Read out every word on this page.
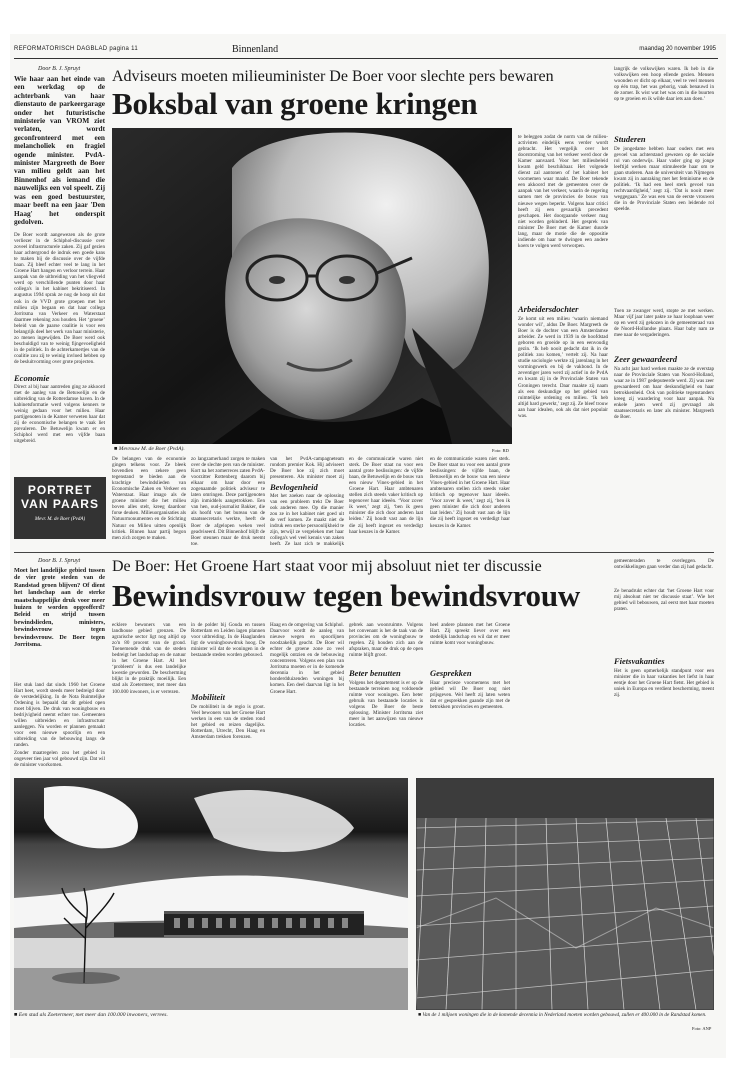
REFORMATORISCH DAGBLAD pagina 11	Binnenland	maandag 20 november 1995
Door B. J. Spruyt
Wie haar aan het einde van een werkdag op de achterbank van haar dienstauto de parkeergarage onder het futuristische ministerie van VROM ziet verlaten, wordt geconfronteerd met een melancholiek en fragiel ogende minister. PvdA-minister Margreeth de Boer van milieu geldt aan het Binnenhof als iemand die nauwelijks een vol speelt. Zij was een goed bestuurster, maar beeft na een jaar 'Den Haag' het onderspit gedolven.
De Boer wordt aangewezen als de grote verliezer in de Schiphol-discussie over zoveel infrastructurele zaken. Zij gaf gezien haar achtergrond de indruk een goede kans te maken bij de discussie over de vijfde baan. Zij bleef echter veel te lang in het Groene Hart hangen en verloor terrein. Haar aanpak van de uitbreiding van het vliegveld werd op verschillende punten door haar collega's in het kabinet bekritiseerd. In augustus 1994 sprak ze nog de hoop uit dat ook in de VVD grote groepen met het milieu zijn begaan en dat haar collega Jorritsma van Verkeer en Waterstaat daarmee rekening zou houden. Het ‘groene’ beleid van de paarse coalitie is voor een belangrijk deel het werk van haar ministerie, zo menen ingewijden. De Boer werd ook beschuldigd van te weinig fijngevoeligheid in de politiek. In de achterkamertjes van de coalitie zou zij te weinig invloed hebben op de besluitvorming over grote projecten.
Economie
Direct al bij haar aantreden ging ze akkoord met de aanleg van de Betuwelijn en de uitbreiding van de Rotterdamse haven. In de kabinetsformatie werd volgens kenners te weinig gedaan voor het milieu. Haar partijgenoten in de Kamer verweten haar dat zij de economische belangen te vaak liet prevaleren. De Betuwelijn kwam er en Schiphol werd met een vijfde baan uitgebreid.
Adviseurs moeten milieuminister De Boer voor slechte pers bewaren
Boksbal van groene kringen
■ Mevrouw M. de Boer (PvdA).	Foto: RD
De belangen van de economie gingen telkens voor. Ze bleek bovendien een zekere geen tegenstand te bieden aan de krachtige bewindslieden van Economische Zaken en Verkeer en Waterstaat. Haar imago als de groene minister die het milieu boven alles stelt, kreeg daardoor forse deuken. Milieuorganisaties als Natuurmonumenten en de Stichting Natuur en Milieu uitten openlijk kritiek. Binnen haar partij begon men zich zorgen te maken.
zo langzamerhand zorgen te maken over de slechte pers van de minister. Kort na het zomerreces zaten PvdA-voorzitter Rottenberg daarom bij elkaar om haar door een zogenaamde politiek adviseur te laten omringen. Deze partijgenoten zijn inmiddels aangetrokken. Een van hen, oud-journalist Bakker, die als hoofd van het bureau van de staatssecretaris werkte, heeft de Boer de afgelopen weken veel geadviseerd. Dit Binnenhof blijft de Boer steunen maar de druk neemt toe.
van het PvdA-campagneteam rondom premier Kok. Hij adviseert De Boer hoe zij zich moet presenteren. Als minister moet zij
Bevlogenheid
Met het zoeken naar de oplossing van een probleem trekt De Boer ook anderen mee. Op die manier zou ze in het kabinet niet goed uit de verf komen. Ze maakt niet de indruk een sterke persoonlijkheid te zijn, terwijl ze vergeleken met haar collega's wel veel kennis van zaken heeft. Ze laat zich te makkelijk
en de communicatie waren niet sterk. De Boer staat nu voor een aantal grote beslissingen: de vijfde baan, de Betuwelijn en de bouw van een nieuw Vinex-gebied in het Groene Hart. Haar ambtenaren stellen zich steeds vaker kritisch op tegenover haar ideeën. ‘Voor zover ik weet,’ zegt zij, ‘ben ik geen minister die zich door anderen laat leiden.’ Zij houdt vast aan de lijn die zij heeft ingezet en verdedigt haar keuzes in de Kamer.
en de communicatie waren niet sterk. De Boer staat nu voor een aantal grote beslissingen: de vijfde baan, de Betuwelijn en de bouw van een nieuw Vinex-gebied in het Groene Hart. Haar ambtenaren stellen zich steeds vaker kritisch op tegenover haar ideeën. ‘Voor zover ik weet,’ zegt zij, ‘ben ik geen minister die zich door anderen laat leiden.’ Zij houdt vast aan de lijn die zij heeft ingezet en verdedigt haar keuzes in de Kamer.
te beleggen zodat de norm van de milieu-activisten eindelijk eens verder wordt gebracht. Het vergelijk over het doorstroming van het verkeer werd door de Kamer aanvaard. Voor het milieubeleid kwam geld beschikbaar. Het volgende dienst zal aantonen of het kabinet het voornemen waar maakt. De Boer tekende een akkoord met de gemeenten over de aanpak van het verkeer, waarin de regering samen met de provincies de bouw van nieuwe wegen beperkt. Volgens haar critici heeft zij een gevaarlijk precedent geschapen. Het doorgaande verkeer mag niet worden gehinderd. Het gesprek van minister De Boer met de Kamer duurde lang, maar de motie die de oppositie indiende om haar te dwingen een andere koers te volgen werd verworpen.
Arbeidersdochter
Ze komt uit een milieu ‘waarin niemand wonder wil’, aldus De Boer. Margreeth de Boer is de dochter van een Amsterdamse arbeider. Ze werd in 1939 in de hoofdstad geboren en groeide op in een eenvoudig gezin. ‘Ik heb nooit gedacht dat ik in de politiek zou komen,’ vertelt zij. Na haar studie sociologie werkte zij jarenlang in het vormingswerk en bij de vakbond. In de zeventiger jaren werd zij actief in de PvdA en kwam zij in de Provinciale Staten van Groningen terecht. Daar maakte zij naam als een deskundige op het gebied van ruimtelijke ordening en milieu. ‘Ik heb altijd hard gewerkt,’ zegt zij. Ze bleef trouw aan haar idealen, ook als dat niet populair was.
langrijk de volkswijken waren. Ik heb in die volkswijken een hoop ellende gezien. Mensen woonden er dicht op elkaar, veel te veel mensen op één trap, het was gehorig, vaak benauwd in de zomer. Ik wist wat het was om in die buurten op te groeien en ik wilde daar iets aan doen.’
Studeren
De jongedame hebben haar ouders met een gevoel van achterstand gewezen op de sociale rol van onderwijs. Haar vader ging op jonge leeftijd werken maar stimuleerde haar om te gaan studeren. Aan de universiteit van Nijmegen kwam zij in aanraking met het feminisme en de politiek. ‘Ik had een heel sterk gevoel van rechtvaardigheid,’ zegt zij. ‘Dat is nooit meer weggegaan.’ Ze was een van de eerste vrouwen die in de Provinciale Staten een leidende rol speelde.
Toen ze zwanger werd, stopte ze met werken. Maar vijf jaar later pakte ze haar loopbaan weer op en werd zij gekozen in de gemeenteraad van de Noord-Hollandse plaats. Haar baby nam ze mee naar de vergaderingen.
Zeer gewaardeerd
Na acht jaar hard werken maakte ze de overstap naar de Provinciale Staten van Noord-Holland, waar ze in 1987 gedeputeerde werd. Zij was zeer gewaardeerd om haar deskundigheid en haar betrokkenheid. Ook van politieke tegenstanders kreeg zij waardering voor haar aanpak. Na enkele jaren werd zij gevraagd als staatssecretaris en later als minister. Margreeth de Boer.
PORTRET
VAN PAARS
Mevr. M. de Boer (PvdA)
Door B. J. Spruyt
Moet het landelijke gebied tussen de vier grote steden van de Randstad groen blijven? Of dient het landschap aan de sterke maatschappelijke druk voor meer huizen te worden opgeofferd? Beleid en strijd tussen bewindslieden, ministers, bewindsvrouw tegen bewindsvrouw. De Boer tegen Jorritsma.
Het stuk land dat sinds 1960 het Groene Hart heet, wordt steeds meer bedreigd door de verstedelijking. In de Nota Ruimtelijke Ordening is bepaald dat dit gebied open moet blijven. De druk van woningbouw en bedrijvigheid neemt echter toe. Gemeenten willen uitbreiden en infrastructuur aanleggen. Nu worden er plannen gemaakt voor een nieuwe spoorlijn en een uitbreiding van de bebouwing langs de randen.
Zonder maatregelen zou het gebied in ongeveer tien jaar vol gebouwd zijn. Dat wil de minister voorkomen.
De Boer: Het Groene Hart staat voor mij absoluut niet ter discussie
Bewindsvrouw tegen bewindsvrouw
ecklere bewoners van een landhouse gebied grenzen. De agrarische sector ligt nog altijd op zo'n 80 procent van de grond. Toenemende druk van de steden bedreigt het landschap en de natuur in het Groene Hart. Al het ‘probleem’ is dus een landelijke kwestie geworden. De bescherming blijkt in de praktijk moeilijk. Een stad als Zoetermeer, met meer dan 100.000 inwoners, is er verrezen.
in de polder bij Gouda en tussen Rotterdam en Leiden lagen plannen voor uitbreiding. In de Haaglanden ligt de woningbouwdruk hoog. De minister wil dat de woningen in de bestaande steden worden gebouwd.
Mobiliteit
De mobiliteit in de regio is groot. Veel bewoners van het Groene Hart werken in een van de steden rond het gebied en reizen dagelijks. Rotterdam, Utrecht, Den Haag en Amsterdam trekken forenzen.
Haag en de omgeving van Schiphol. Daarvoor wordt de aanleg van nieuwe wegen en spoorlijnen noodzakelijk geacht. De Boer wil echter de groene zone zo veel mogelijk ontzien en de bebouwing concentreren. Volgens een plan van Jorritsma moeten er in de komende decennia in het gebied honderdduizenden woningen bij komen. Een deel daarvan ligt in het Groene Hart.
gebrek aan woonruimte. Volgens het convenant is het de taak van de provincies om de woningbouw te regelen. Zij houden zich aan de afspraken, maar de druk op de open ruimte blijft groot.
Beter benutten
Volgens het departement is er op de bestaande terreinen nog voldoende ruimte voor woningen. Een beter gebruik van bestaande locaties is volgens De Boer de beste oplossing. Minister Jorritsma ziet meer in het aanwijzen van nieuwe locaties.
heel andere plannen met het Groene Hart. Zij spreekt liever over een stedelijk landschap en wil dat er meer ruimte komt voor woningbouw.
Gesprekken
Haar precieze voornemens met het gebied wil De Boer nog niet prijsgeven. Wel heeft zij laten weten dat er gesprekken gaande zijn met de betrokken provincies en gemeenten.
gemeenteraden te overleggen. De ontwikkelingen gaan verder dan zij had gedacht.
Ze benadrukt echter dat ‘het Groene Hart voor mij absoluut niet ter discussie staat’. Wie het gebied wil bebouwen, zal eerst met haar moeten praten.
Fietsvakanties
Het is geen opmerkelijk standpunt voor een minister die in haar vakanties het liefst in haar eentje door het Groene Hart fietst. Het gebied is uniek in Europa en verdient bescherming, meent zij.
■ Een stad als Zoetermeer, met meer dan 100.000 inwoners, verrees.	■ Van de 1 miljoen woningen die in de komende decennia in Nederland moeten worden gebouwd, zullen er 400.000 in de Randstad komen.
Foto: ANP
